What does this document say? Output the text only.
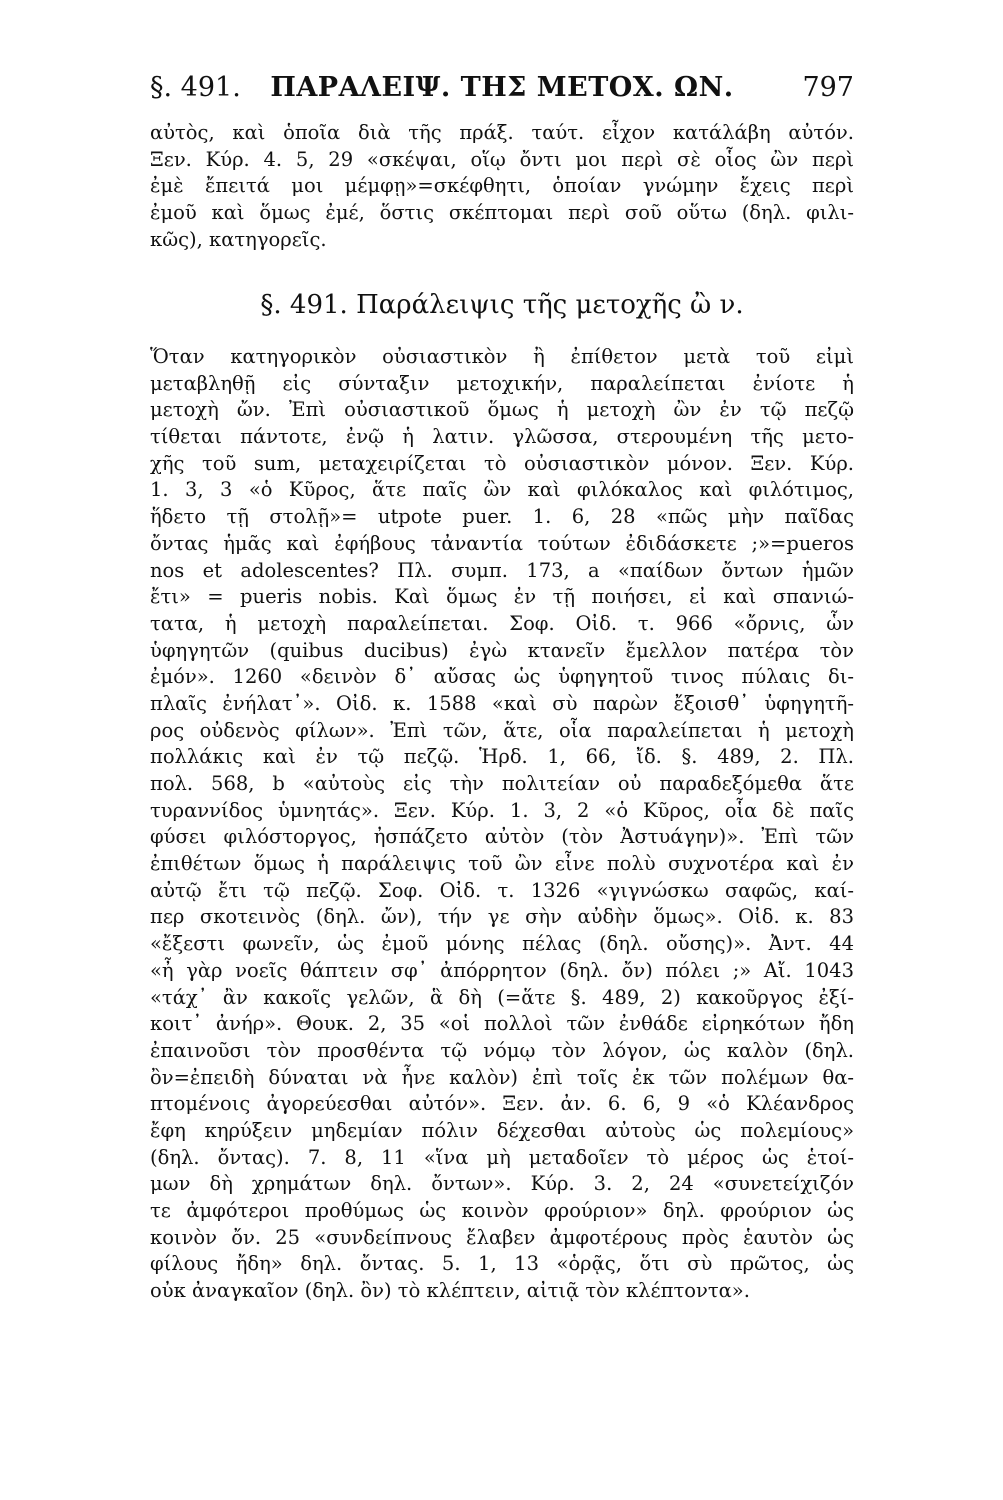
§. 491. ΠΑΡΑΛΕΙΨ. ΤΗΣ ΜΕΤΟΧ. ΩΝ.	797
αὐτὸς, καὶ ὁποῖα διὰ τῆς πράξ. ταύτ. εἶχον κατάλάβη αὐτόν.
Ξεν. Κύρ. 4. 5, 29 «σκέψαι, οἵῳ ὄντι μοι περὶ σὲ οἷος ὢν περὶ
ἐμὲ ἔπειτά μοι μέμφῃ»=σκέφθητι, ὁποίαν γνώμην ἔχεις περὶ
ἐμοῦ καὶ ὅμως ἐμέ, ὅστις σκέπτομαι περὶ σοῦ οὕτω (δηλ. φιλι-
κῶς), κατηγορεῖς.
§. 491. Παράλειψις τῆς μετοχῆς ὢ ν.
Ὅταν κατηγορικὸν οὐσιαστικὸν ἢ ἐπίθετον μετὰ τοῦ εἰμὶ
μεταβληθῇ εἰς σύνταξιν μετοχικήν, παραλείπεται ἐνίοτε ἡ
μετοχὴ ὤν. Ἐπὶ οὐσιαστικοῦ ὅμως ἡ μετοχὴ ὢν ἐν τῷ πεζῷ
τίθεται πάντοτε, ἐνῷ ἡ λατιν. γλῶσσα, στερουμένη τῆς μετο-
χῆς τοῦ sum, μεταχειρίζεται τὸ οὐσιαστικὸν μόνον. Ξεν. Κύρ.
1. 3, 3 «ὁ Κῦρος, ἅτε παῖς ὢν καὶ φιλόκαλος καὶ φιλότιμος,
ἥδετο τῇ στολῇ»= utpote puer. 1. 6, 28 «πῶς μὴν παῖδας
ὄντας ἡμᾶς καὶ ἐφήβους τἀναντία τούτων ἐδιδάσκετε ;»=pueros
nos et adolescentes? Πλ. συμπ. 173, a «παίδων ὄντων ἡμῶν
ἔτι» = pueris nobis. Καὶ ὅμως ἐν τῇ ποιήσει, εἰ καὶ σπανιώ-
τατα, ἡ μετοχὴ παραλείπεται. Σοφ. Οἰδ. τ. 966 «ὄρνις, ὧν
ὑφηγητῶν (quibus ducibus) ἐγὼ κτανεῖν ἔμελλον πατέρα τὸν
ἐμόν». 1260 «δεινὸν δ᾿ αὔσας ὡς ὑφηγητοῦ τινος πύλαις δι-
πλαῖς ἐνήλατ᾿». Οἰδ. κ. 1588 «καὶ σὺ παρὼν ἔξοισθ᾿ ὑφηγητῆ-
ρος οὐδενὸς φίλων». Ἐπὶ τῶν, ἅτε, οἷα παραλείπεται ἡ μετοχὴ
πολλάκις καὶ ἐν τῷ πεζῷ. Ἡρδ. 1, 66, ἴδ. §. 489, 2. Πλ.
πολ. 568, b «αὐτοὺς εἰς τὴν πολιτείαν οὐ παραδεξόμεθα ἅτε
τυραννίδος ὑμνητάς». Ξεν. Κύρ. 1. 3, 2 «ὁ Κῦρος, οἷα δὲ παῖς
φύσει φιλόστοργος, ἠσπάζετο αὐτὸν (τὸν Ἀστυάγην)». Ἐπὶ τῶν
ἐπιθέτων ὅμως ἡ παράλειψις τοῦ ὢν εἶνε πολὺ συχνοτέρα καὶ ἐν
αὐτῷ ἔτι τῷ πεζῷ. Σοφ. Οἰδ. τ. 1326 «γιγνώσκω σαφῶς, καί-
περ σκοτεινὸς (δηλ. ὤν), τήν γε σὴν αὐδὴν ὅμως». Οἰδ. κ. 83
«ἔξεστι φωνεῖν, ὡς ἐμοῦ μόνης πέλας (δηλ. οὔσης)». Ἀντ. 44
«ἦ γὰρ νοεῖς θάπτειν σφ᾿ ἀπόρρητον (δηλ. ὄν) πόλει ;» Αἴ. 1043
«τάχ᾿ ἂν κακοῖς γελῶν, ἃ δὴ (=ἅτε §. 489, 2) κακοῦργος ἐξί-
κοιτ᾿ ἀνήρ». Θουκ. 2, 35 «οἱ πολλοὶ τῶν ἐνθάδε εἰρηκότων ἤδη
ἐπαινοῦσι τὸν προσθέντα τῷ νόμῳ τὸν λόγον, ὡς καλὸν (δηλ.
ὂν=ἐπειδὴ δύναται νὰ ἦνε καλὸν) ἐπὶ τοῖς ἐκ τῶν πολέμων θα-
πτομένοις ἀγορεύεσθαι αὐτόν». Ξεν. ἀν. 6. 6, 9 «ὁ Κλέανδρος
ἔφη κηρύξειν μηδεμίαν πόλιν δέχεσθαι αὐτοὺς ὡς πολεμίους»
(δηλ. ὄντας). 7. 8, 11 «ἵνα μὴ μεταδοῖεν τὸ μέρος ὡς ἑτοί-
μων δὴ χρημάτων δηλ. ὄντων». Κύρ. 3. 2, 24 «συνετείχιζόν
τε ἀμφότεροι προθύμως ὡς κοινὸν φρούριον» δηλ. φρούριον ὡς
κοινὸν ὄν. 25 «συνδείπνους ἔλαβεν ἀμφοτέρους πρὸς ἑαυτὸν ὡς
φίλους ἤδη» δηλ. ὄντας. 5. 1, 13 «ὁρᾷς, ὅτι σὺ πρῶτος, ὡς
οὐκ ἀναγκαῖον (δηλ. ὂν) τὸ κλέπτειν, αἰτιᾷ τὸν κλέπτοντα».
